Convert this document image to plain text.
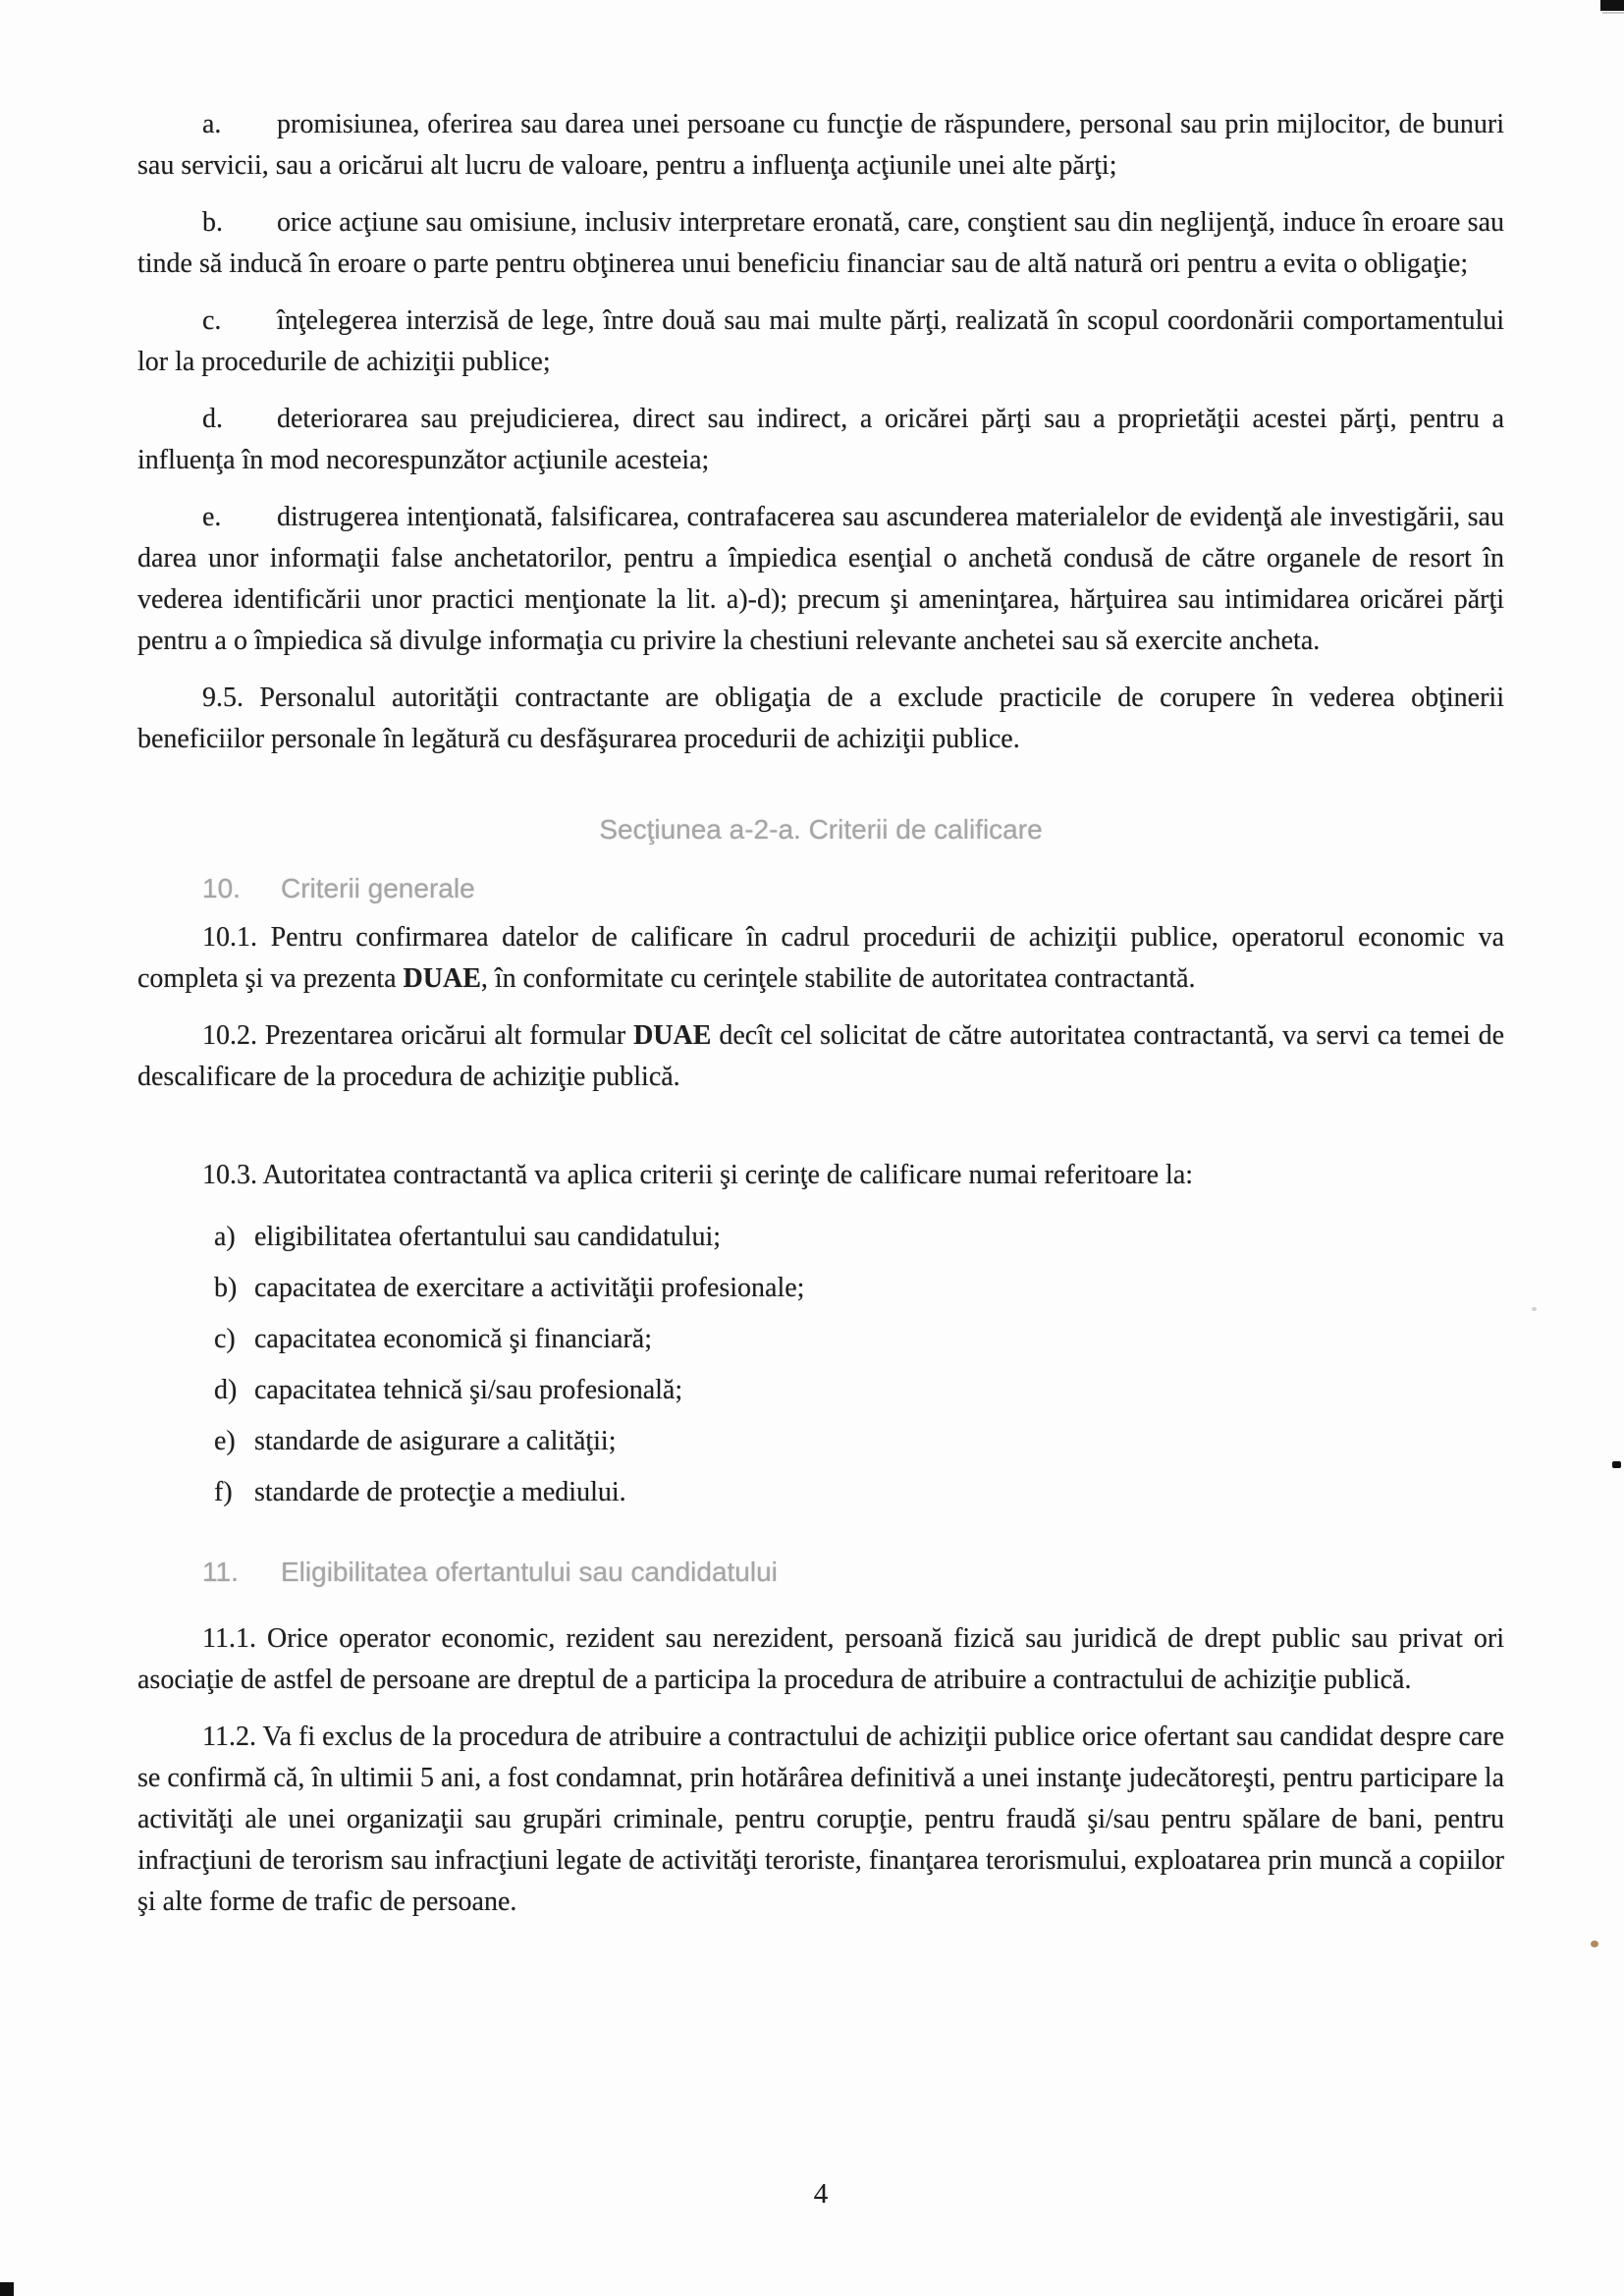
a. promisiunea, oferirea sau darea unei persoane cu funcţie de răspundere, personal sau prin mijlocitor, de bunuri sau servicii, sau a oricărui alt lucru de valoare, pentru a influenţa acţiunile unei alte părţi;

b. orice acţiune sau omisiune, inclusiv interpretare eronată, care, conştient sau din neglijenţă, induce în eroare sau tinde să inducă în eroare o parte pentru obţinerea unui beneficiu financiar sau de altă natură ori pentru a evita o obligaţie;

c. înţelegerea interzisă de lege, între două sau mai multe părţi, realizată în scopul coordonării comportamentului lor la procedurile de achiziţii publice;

d. deteriorarea sau prejudicierea, direct sau indirect, a oricărei părţi sau a proprietăţii acestei părţi, pentru a influenţa în mod necorespunzător acţiunile acesteia;

e. distrugerea intenţionată, falsificarea, contrafacerea sau ascunderea materialelor de evidenţă ale investigării, sau darea unor informaţii false anchetatorilor, pentru a împiedica esenţial o anchetă condusă de către organele de resort în vederea identificării unor practici menţionate la lit. a)-d); precum şi ameninţarea, hărţuirea sau intimidarea oricărei părţi pentru a o împiedica să divulge informaţia cu privire la chestiuni relevante anchetei sau să exercite ancheta.

9.5. Personalul autorităţii contractante are obligaţia de a exclude practicile de corupere în vederea obţinerii beneficiilor personale în legătură cu desfăşurarea procedurii de achiziţii publice.

Secţiunea a-2-a. Criterii de calificare

10. Criterii generale

10.1. Pentru confirmarea datelor de calificare în cadrul procedurii de achiziţii publice, operatorul economic va completa şi va prezenta DUAE, în conformitate cu cerinţele stabilite de autoritatea contractantă.

10.2. Prezentarea oricărui alt formular DUAE decît cel solicitat de către autoritatea contractantă, va servi ca temei de descalificare de la procedura de achiziţie publică.

10.3. Autoritatea contractantă va aplica criterii şi cerinţe de calificare numai referitoare la:

a) eligibilitatea ofertantului sau candidatului;
b) capacitatea de exercitare a activităţii profesionale;
c) capacitatea economică şi financiară;
d) capacitatea tehnică şi/sau profesională;
e) standarde de asigurare a calităţii;
f) standarde de protecţie a mediului.

11. Eligibilitatea ofertantului sau candidatului

11.1. Orice operator economic, rezident sau nerezident, persoană fizică sau juridică de drept public sau privat ori asociaţie de astfel de persoane are dreptul de a participa la procedura de atribuire a contractului de achiziţie publică.

11.2. Va fi exclus de la procedura de atribuire a contractului de achiziţii publice orice ofertant sau candidat despre care se confirmă că, în ultimii 5 ani, a fost condamnat, prin hotărârea definitivă a unei instanţe judecătoreşti, pentru participare la activităţi ale unei organizaţii sau grupări criminale, pentru corupţie, pentru fraudă şi/sau pentru spălare de bani, pentru infracţiuni de terorism sau infracţiuni legate de activităţi teroriste, finanţarea terorismului, exploatarea prin muncă a copiilor şi alte forme de trafic de persoane.

4
